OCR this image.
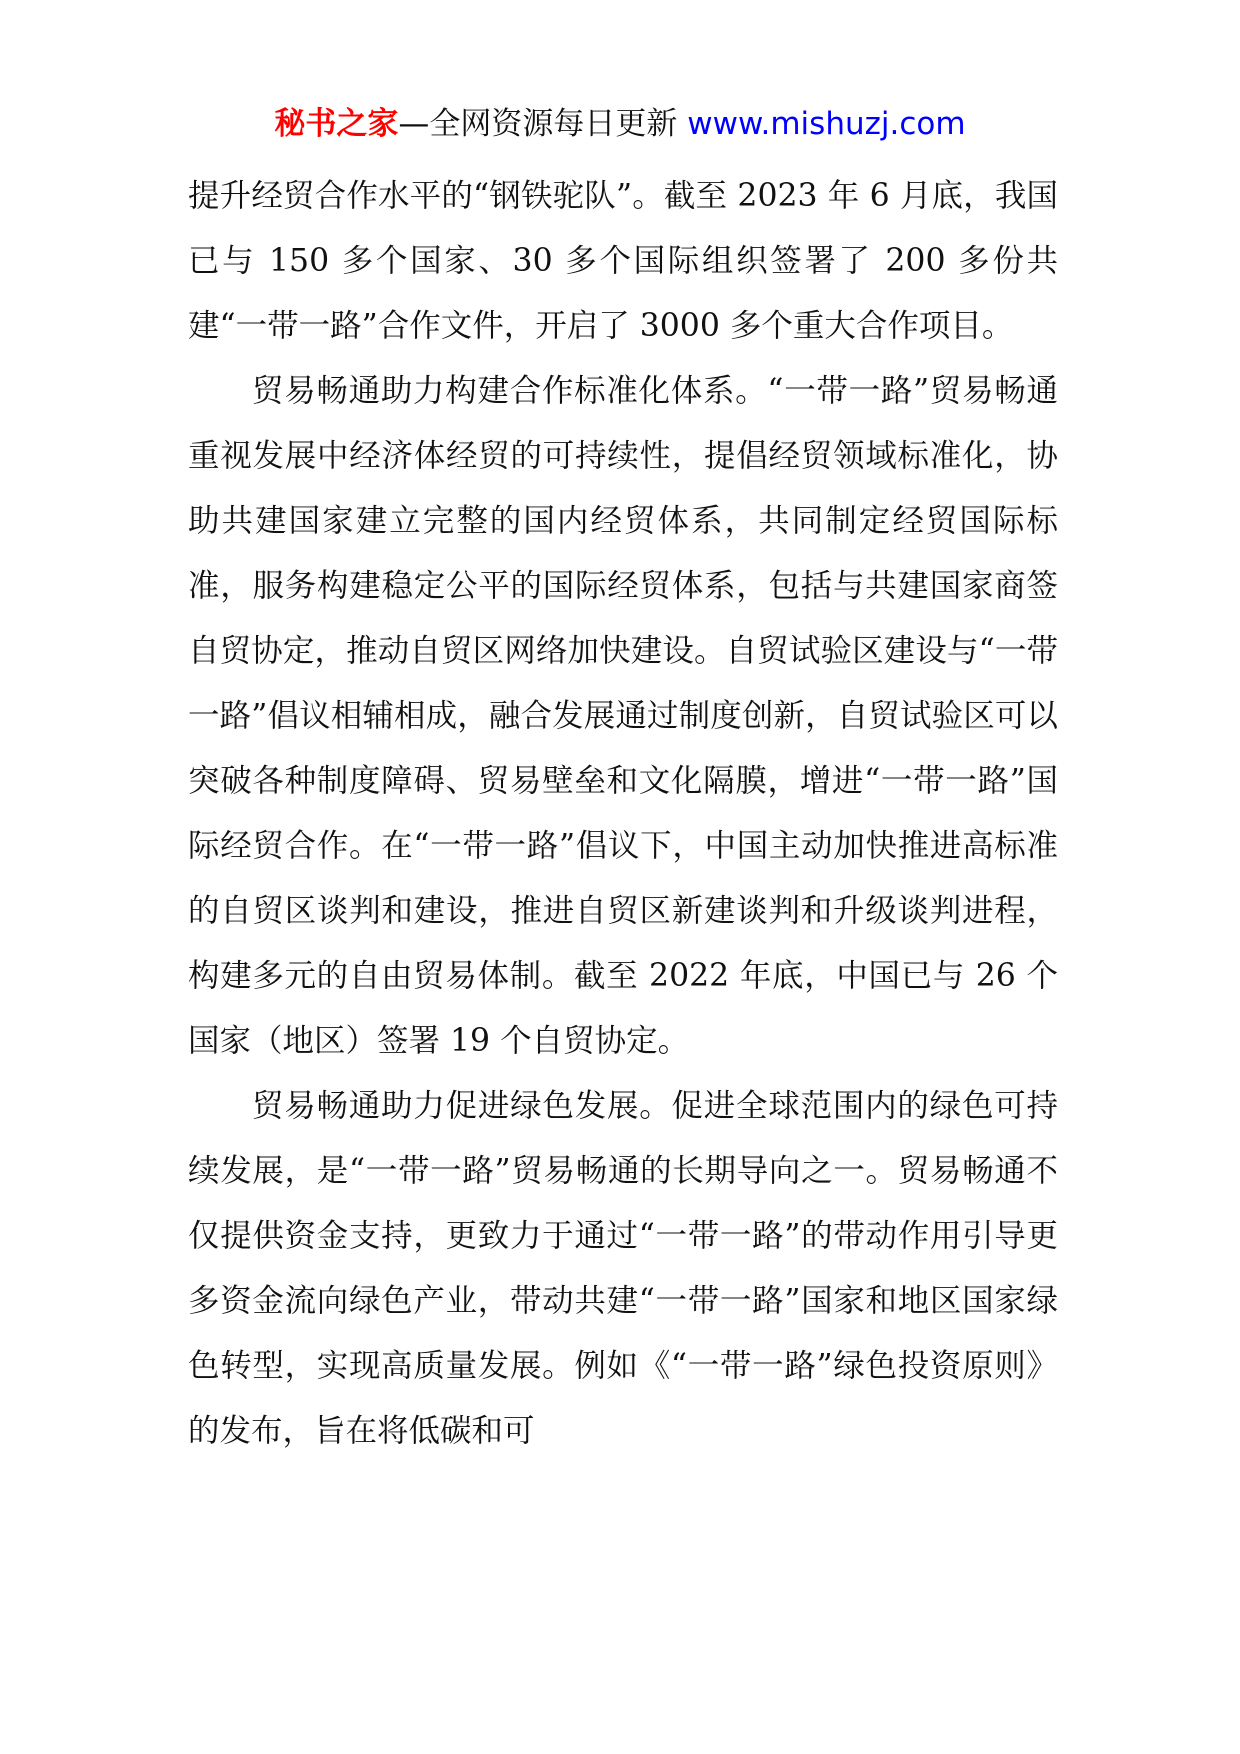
秘书之家—全网资源每日更新 www.mishuzj.com

提升经贸合作水平的“钢铁驼队”。截至 2023 年 6 月底，我国已与 150 多个国家、30 多个国际组织签署了 200 多份共建“一带一路”合作文件，开启了 3000 多个重大合作项目。

贸易畅通助力构建合作标准化体系。“一带一路”贸易畅通重视发展中经济体经贸的可持续性，提倡经贸领域标准化，协助共建国家建立完整的国内经贸体系，共同制定经贸国际标准，服务构建稳定公平的国际经贸体系，包括与共建国家商签自贸协定，推动自贸区网络加快建设。自贸试验区建设与“一带一路”倡议相辅相成，融合发展通过制度创新，自贸试验区可以突破各种制度障碍、贸易壁垒和文化隔膜，增进“一带一路”国际经贸合作。在“一带一路”倡议下，中国主动加快推进高标准的自贸区谈判和建设，推进自贸区新建谈判和升级谈判进程，构建多元的自由贸易体制。截至 2022 年底，中国已与 26 个国家（地区）签署 19 个自贸协定。

贸易畅通助力促进绿色发展。促进全球范围内的绿色可持续发展，是“一带一路”贸易畅通的长期导向之一。贸易畅通不仅提供资金支持，更致力于通过“一带一路”的带动作用引导更多资金流向绿色产业，带动共建“一带一路”国家和地区国家绿色转型，实现高质量发展。例如《“一带一路”绿色投资原则》的发布，旨在将低碳和可
